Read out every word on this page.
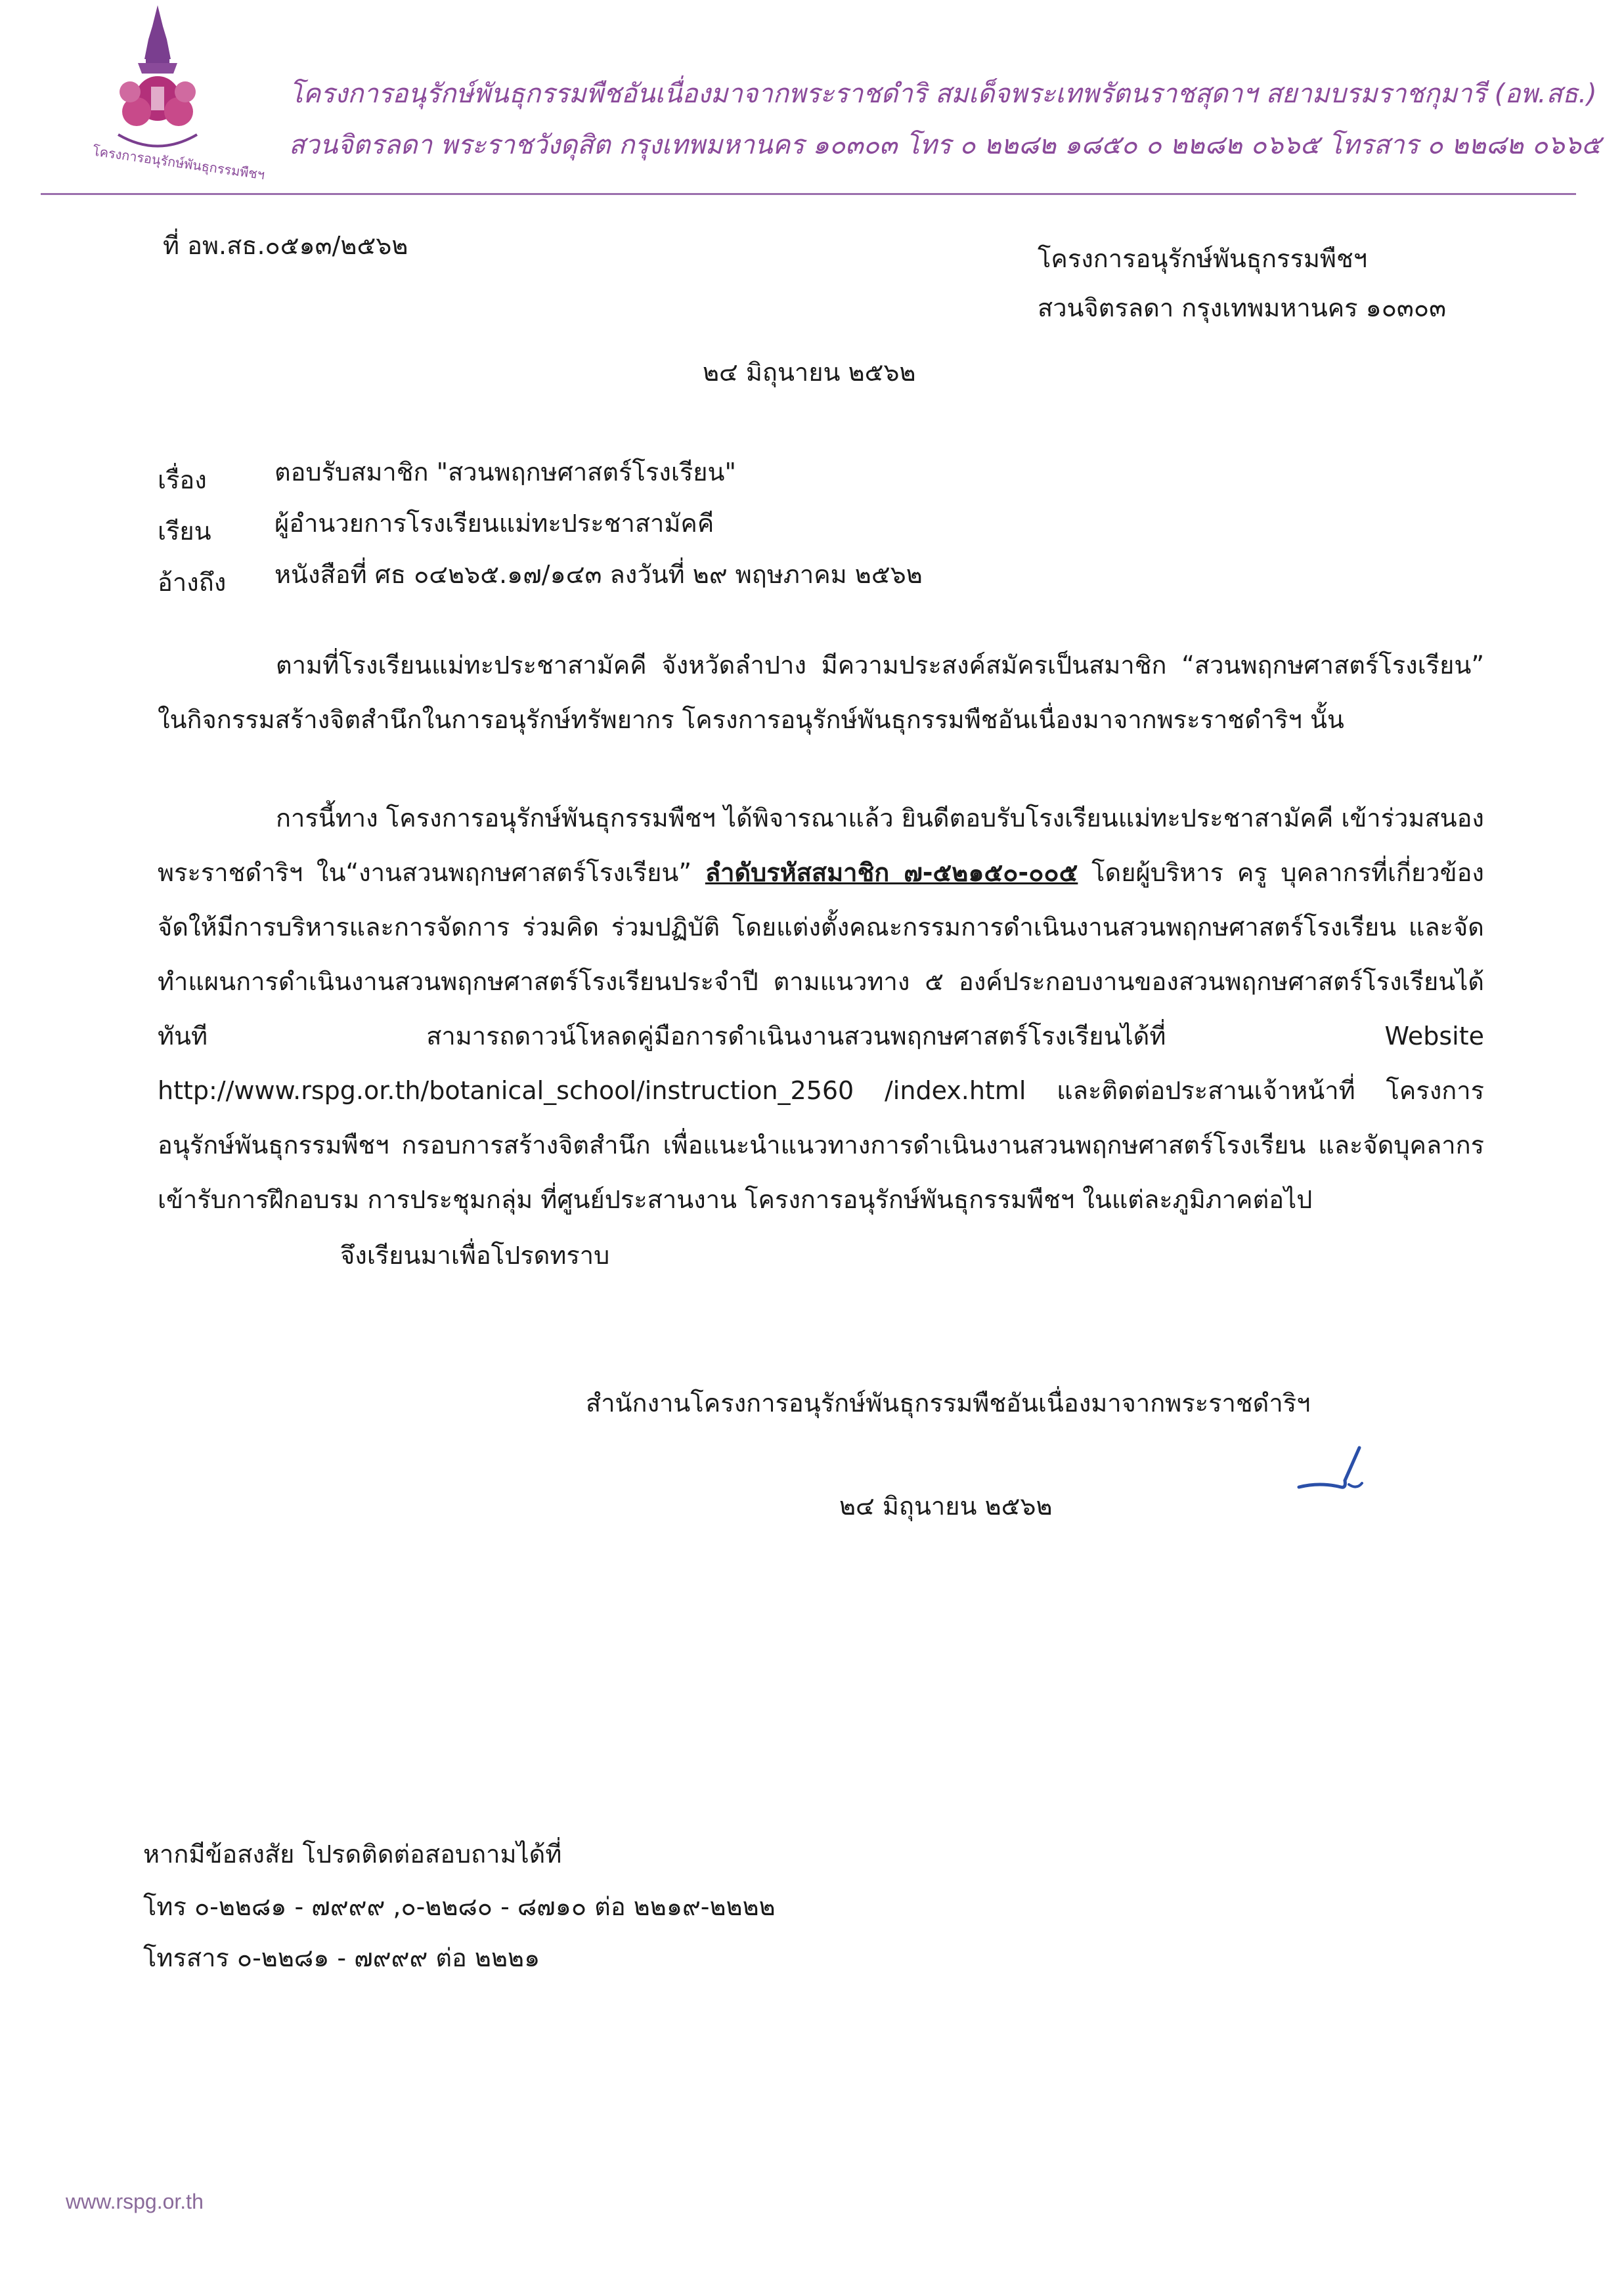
โครงการอนุรักษ์พันธุกรรมพืชฯ
โครงการอนุรักษ์พันธุกรรมพืชอันเนื่องมาจากพระราชดำริ สมเด็จพระเทพรัตนราชสุดาฯ สยามบรมราชกุมารี (อพ.สธ.)
สวนจิตรลดา พระราชวังดุสิต กรุงเทพมหานคร ๑๐๓๐๓ โทร ๐ ๒๒๘๒ ๑๘๕๐ ๐ ๒๒๘๒ ๐๖๖๕ โทรสาร ๐ ๒๒๘๒ ๐๖๖๕
ที่ อพ.สธ.๐๕๑๓/๒๕๖๒	โครงการอนุรักษ์พันธุกรรมพืชฯ
สวนจิตรลดา กรุงเทพมหานคร ๑๐๓๐๓
๒๔ มิถุนายน ๒๕๖๒
เรื่อง	ตอบรับสมาชิก "สวนพฤกษศาสตร์โรงเรียน"
เรียน	ผู้อำนวยการโรงเรียนแม่ทะประชาสามัคคี
อ้างถึง หนังสือที่ ศธ ๐๔๒๖๕.๑๗/๑๔๓ ลงวันที่ ๒๙ พฤษภาคม ๒๕๖๒

ตามที่โรงเรียนแม่ทะประชาสามัคคี จังหวัดลำปาง มีความประสงค์สมัครเป็นสมาชิก “สวนพฤกษศาสตร์โรงเรียน” ในกิจกรรมสร้างจิตสำนึกในการอนุรักษ์ทรัพยากร โครงการอนุรักษ์พันธุกรรมพืชอันเนื่องมาจากพระราชดำริฯ นั้น

การนี้ทาง โครงการอนุรักษ์พันธุกรรมพืชฯ ได้พิจารณาแล้ว ยินดีตอบรับโรงเรียนแม่ทะประชาสามัคคี เข้าร่วมสนองพระราชดำริฯ ใน“งานสวนพฤกษศาสตร์โรงเรียน” ลำดับรหัสสมาชิก ๗-๕๒๑๕๐-๐๐๕ โดยผู้บริหาร ครู บุคลากรที่เกี่ยวข้อง จัดให้มีการบริหารและการจัดการ ร่วมคิด ร่วมปฏิบัติ โดยแต่งตั้งคณะกรรมการดำเนินงานสวนพฤกษศาสตร์โรงเรียน และจัดทำแผนการดำเนินงานสวนพฤกษศาสตร์โรงเรียนประจำปี ตามแนวทาง ๕ องค์ประกอบงานของสวนพฤกษศาสตร์โรงเรียนได้ทันที สามารถดาวน์โหลดคู่มือการดำเนินงานสวนพฤกษศาสตร์โรงเรียนได้ที่ Website http://www.rspg.or.th/botanical_school/instruction_2560 /index.html และติดต่อประสานเจ้าหน้าที่ โครงการอนุรักษ์พันธุกรรมพืชฯ กรอบการสร้างจิตสำนึก เพื่อแนะนำแนวทางการดำเนินงานสวนพฤกษศาสตร์โรงเรียน และจัดบุคลากรเข้ารับการฝึกอบรม การประชุมกลุ่ม ที่ศูนย์ประสานงาน โครงการอนุรักษ์พันธุกรรมพืชฯ ในแต่ละภูมิภาคต่อไป

จึงเรียนมาเพื่อโปรดทราบ
สำนักงานโครงการอนุรักษ์พันธุกรรมพืชอันเนื่องมาจากพระราชดำริฯ
๒๔ มิถุนายน ๒๕๖๒
หากมีข้อสงสัย โปรดติดต่อสอบถามได้ที่
โทร ๐-๒๒๘๑ - ๗๙๙๙ ,๐-๒๒๘๐ - ๘๗๑๐ ต่อ ๒๒๑๙-๒๒๒๒
โทรสาร ๐-๒๒๘๑ - ๗๙๙๙ ต่อ ๒๒๒๑
www.rspg.or.th
